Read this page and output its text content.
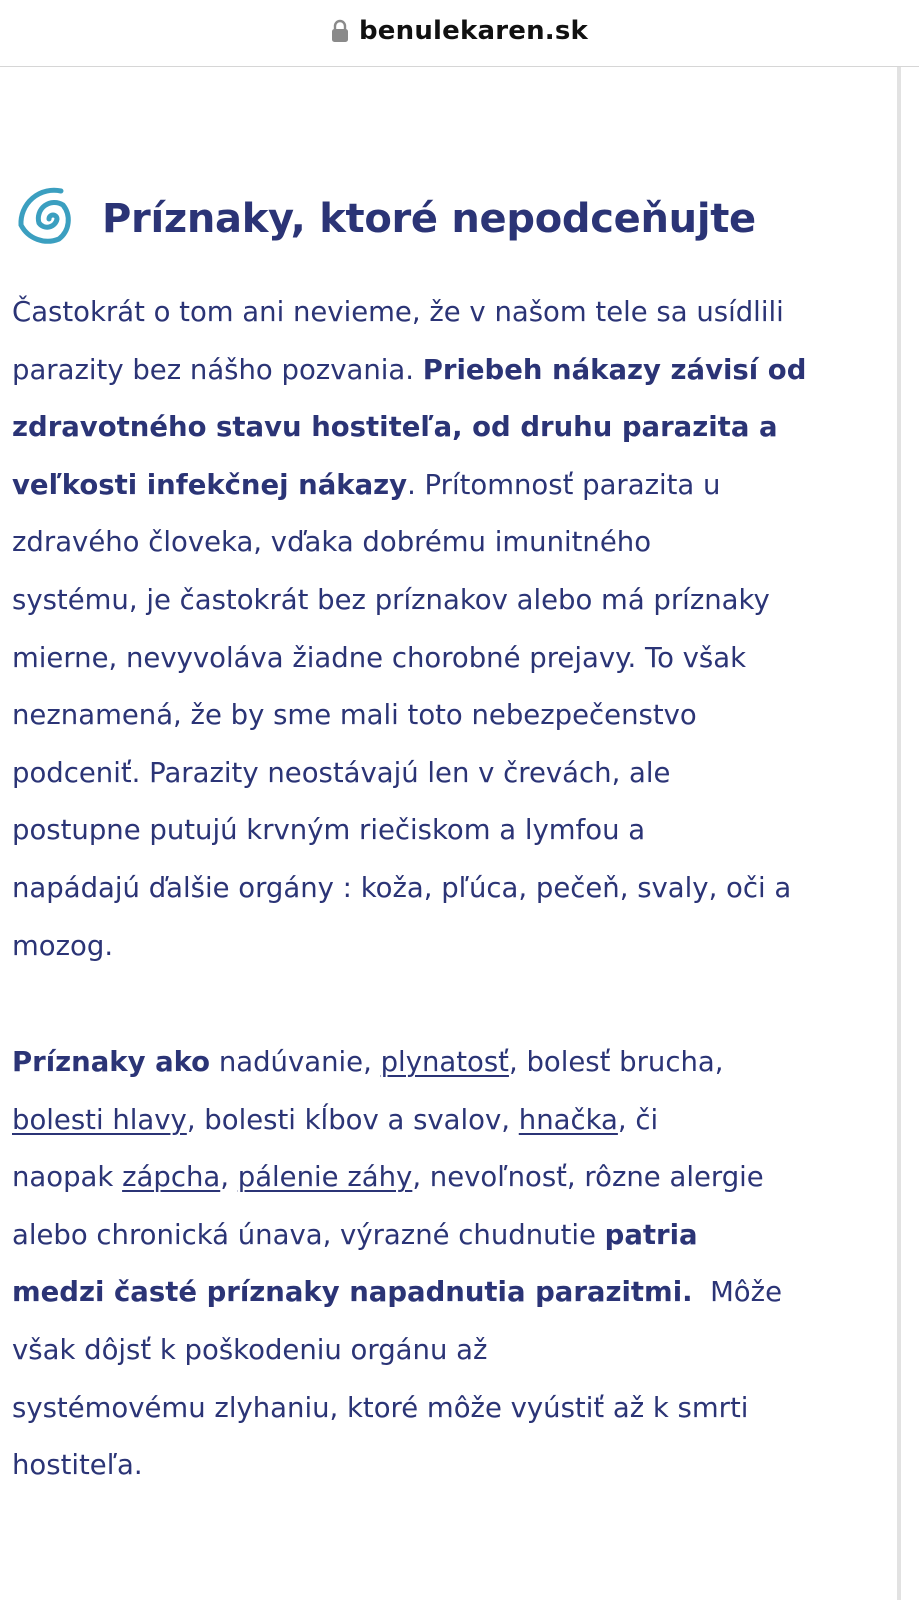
benulekaren.sk
Príznaky, ktoré nepodceňujte
Častokrát o tom ani nevieme, že v našom tele sa usídlili
parazity bez nášho pozvania. Priebeh nákazy závisí od
zdravotného stavu hostiteľa, od druhu parazita a
veľkosti infekčnej nákazy. Prítomnosť parazita u
zdravého človeka, vďaka dobrému imunitného
systému, je častokrát bez príznakov alebo má príznaky
mierne, nevyvoláva žiadne chorobné prejavy. To však
neznamená, že by sme mali toto nebezpečenstvo
podceniť. Parazity neostávajú len v črevách, ale
postupne putujú krvným riečiskom a lymfou a
napádajú ďalšie orgány : koža, pľúca, pečeň, svaly, oči a
mozog.
Príznaky ako nadúvanie, plynatosť, bolesť brucha,
bolesti hlavy, bolesti kĺbov a svalov, hnačka, či
naopak zápcha, pálenie záhy, nevoľnosť, rôzne alergie
alebo chronická únava, výrazné chudnutie patria
medzi časté príznaky napadnutia parazitmi.  Môže
však dôjsť k poškodeniu orgánu až
systémovému zlyhaniu, ktoré môže vyústiť až k smrti
hostiteľa.
